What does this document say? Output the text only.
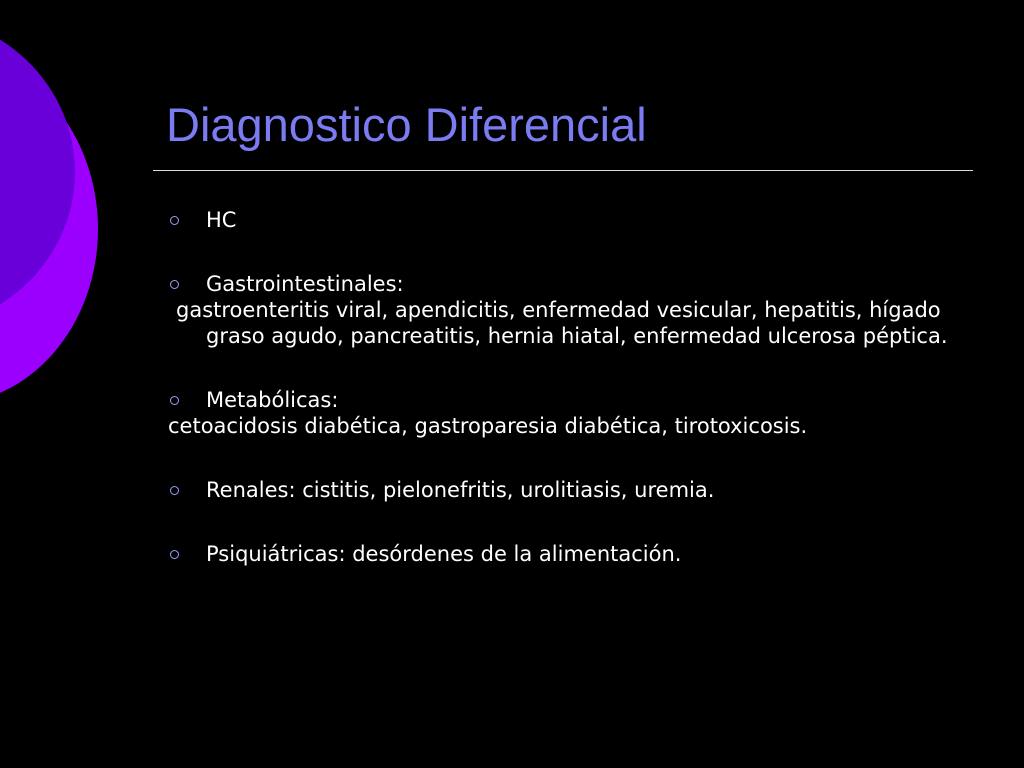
Diagnostico Diferencial

HC

Gastrointestinales:

gastroenteritis viral, apendicitis, enfermedad vesicular, hepatitis, hígado graso agudo, pancreatitis, hernia hiatal, enfermedad ulcerosa péptica.

Metabólicas:

cetoacidosis diabética, gastroparesia diabética, tirotoxicosis.

Renales: cistitis, pielonefritis, urolitiasis, uremia.

Psiquiátricas: desórdenes de la alimentación.
